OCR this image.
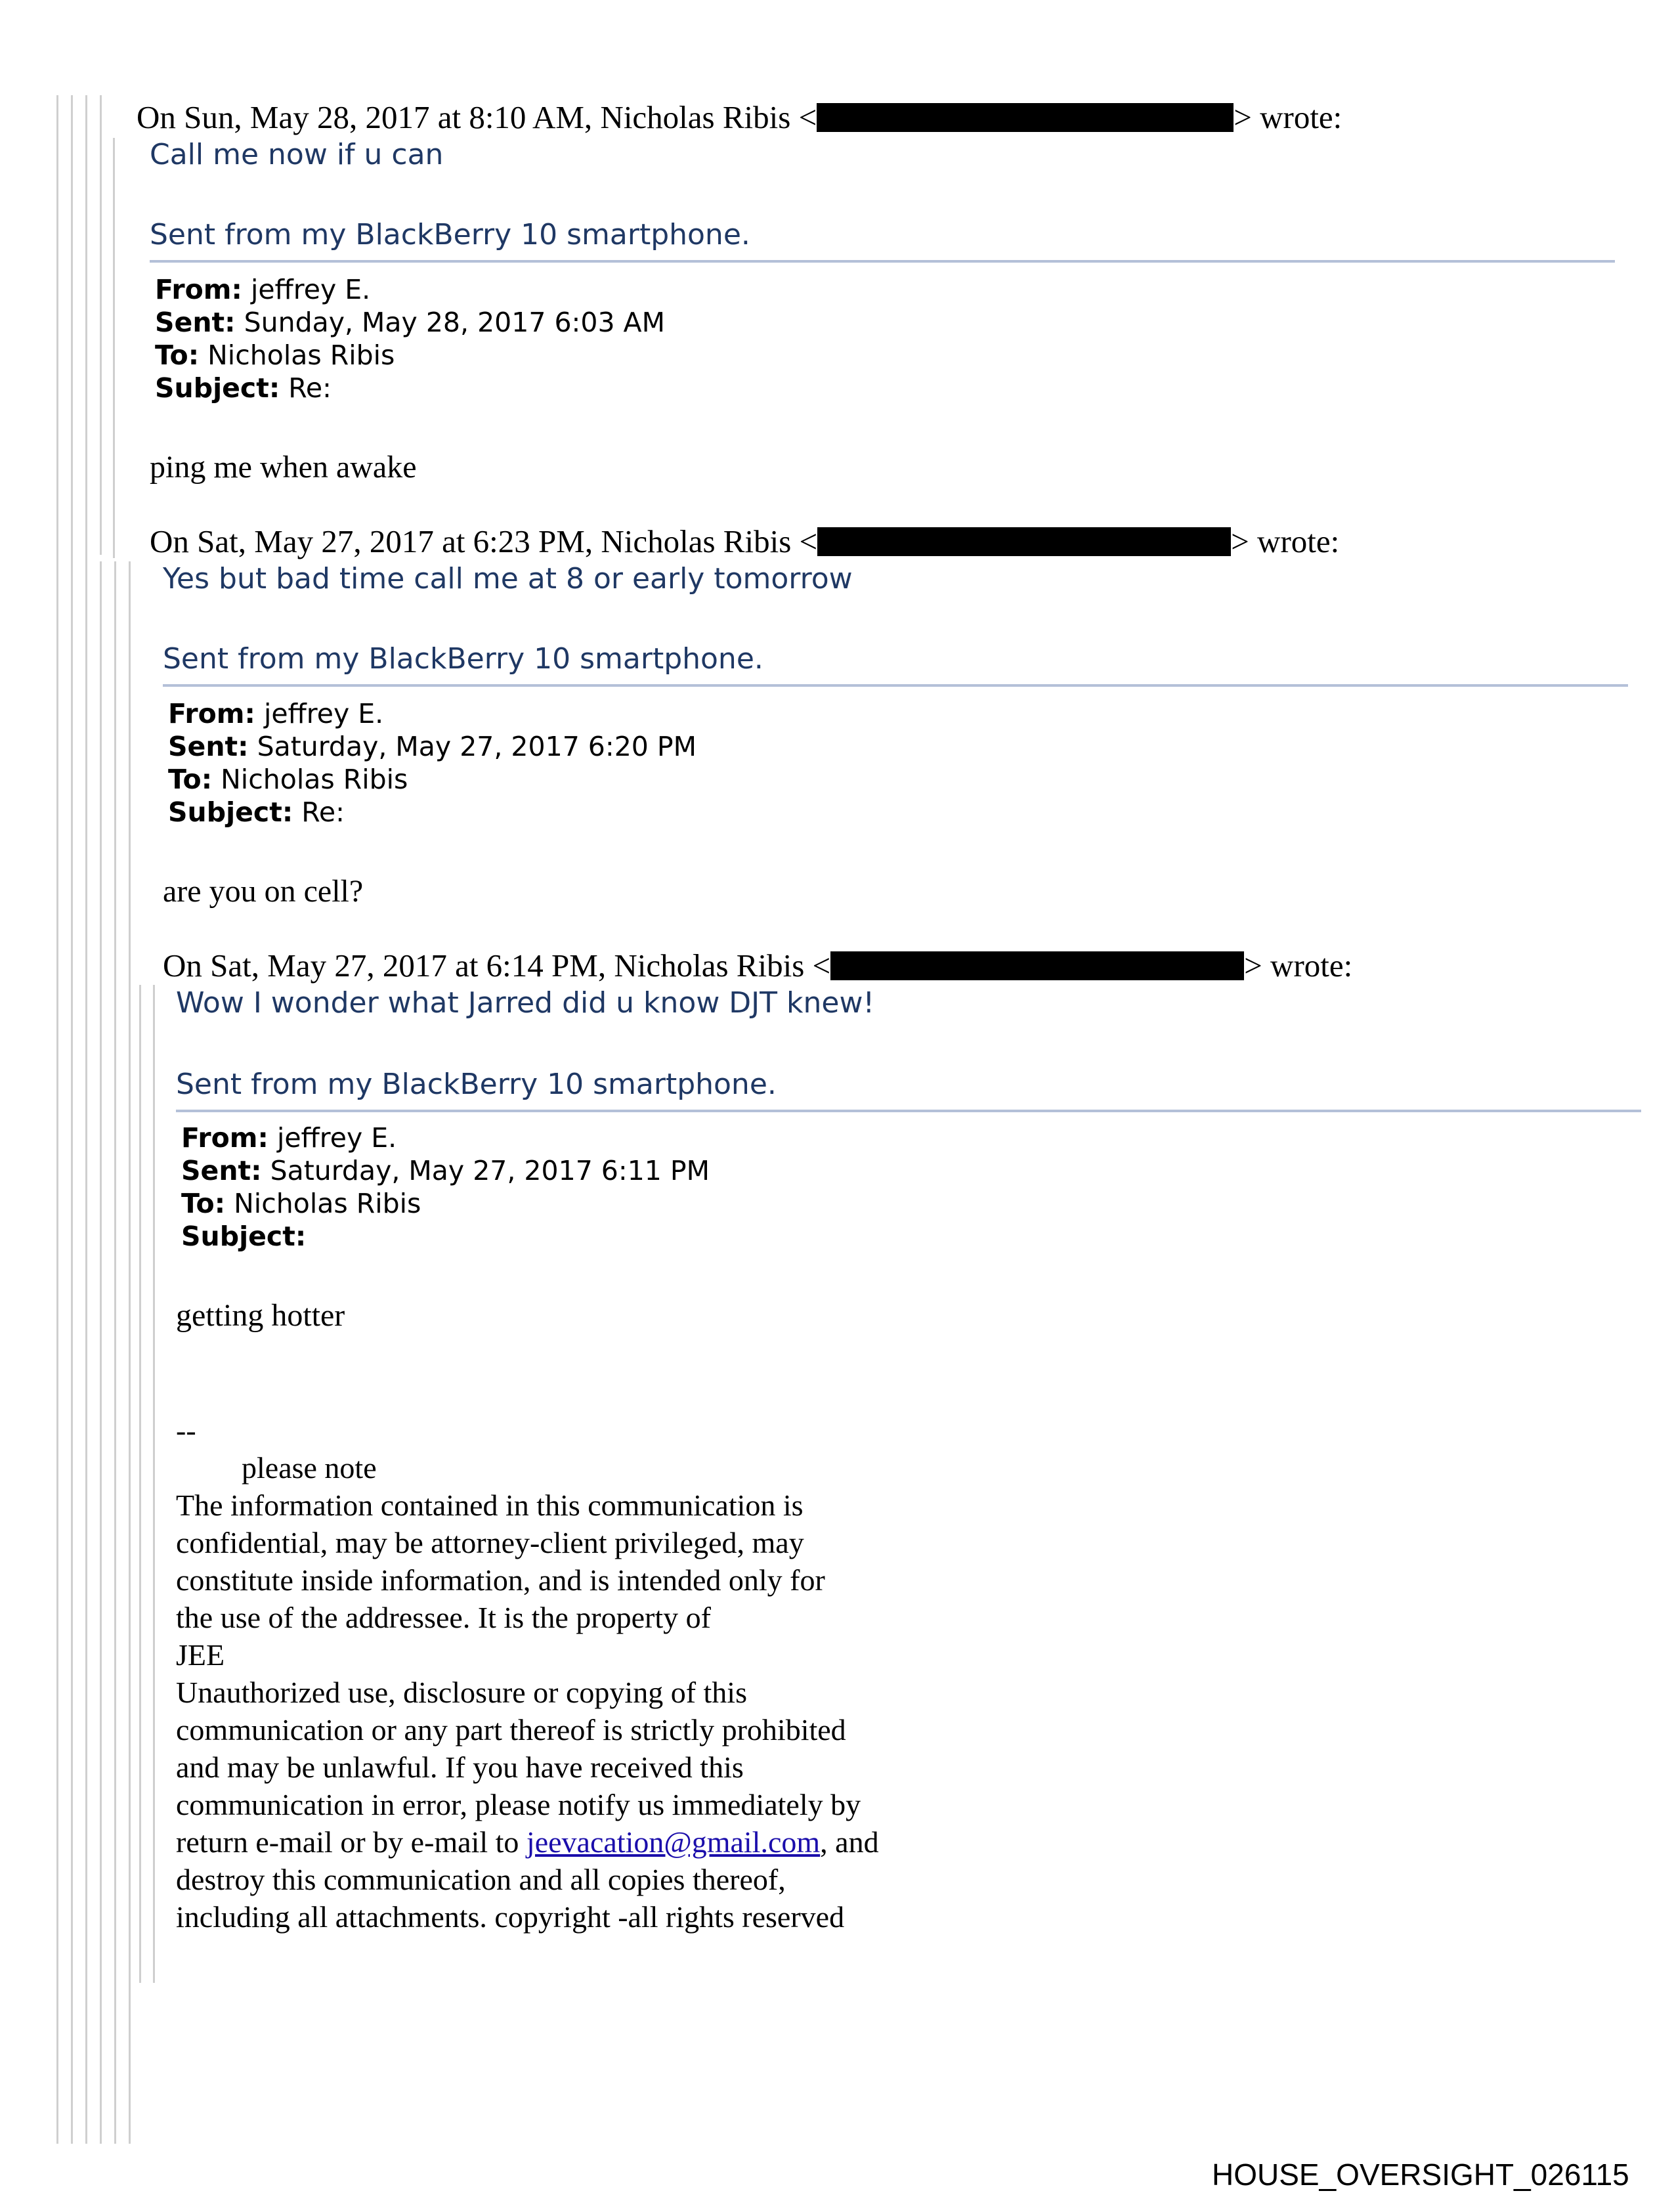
On Sun, May 28, 2017 at 8:10 AM, Nicholas Ribis <	> wrote:
Call me now if u can
Sent from my BlackBerry 10 smartphone.
From: jeffrey E.
Sent: Sunday, May 28, 2017 6:03 AM
To: Nicholas Ribis
Subject: Re:
ping me when awake
On Sat, May 27, 2017 at 6:23 PM, Nicholas Ribis <	> wrote:
Yes but bad time call me at 8 or early tomorrow
Sent from my BlackBerry 10 smartphone.
From: jeffrey E.
Sent: Saturday, May 27, 2017 6:20 PM
To: Nicholas Ribis
Subject: Re:
are you on cell?
On Sat, May 27, 2017 at 6:14 PM, Nicholas Ribis <	> wrote:
Wow I wonder what Jarred did u know DJT knew!
Sent from my BlackBerry 10 smartphone.
From: jeffrey E.
Sent: Saturday, May 27, 2017 6:11 PM
To: Nicholas Ribis
Subject:
getting hotter
--
please note
The information contained in this communication is
confidential, may be attorney-client privileged, may
constitute inside information, and is intended only for
the use of the addressee. It is the property of
JEE
Unauthorized use, disclosure or copying of this
communication or any part thereof is strictly prohibited
and may be unlawful. If you have received this
communication in error, please notify us immediately by
return e-mail or by e-mail to jeevacation@gmail.com, and
destroy this communication and all copies thereof,
including all attachments. copyright -all rights reserved
HOUSE_OVERSIGHT_026115
